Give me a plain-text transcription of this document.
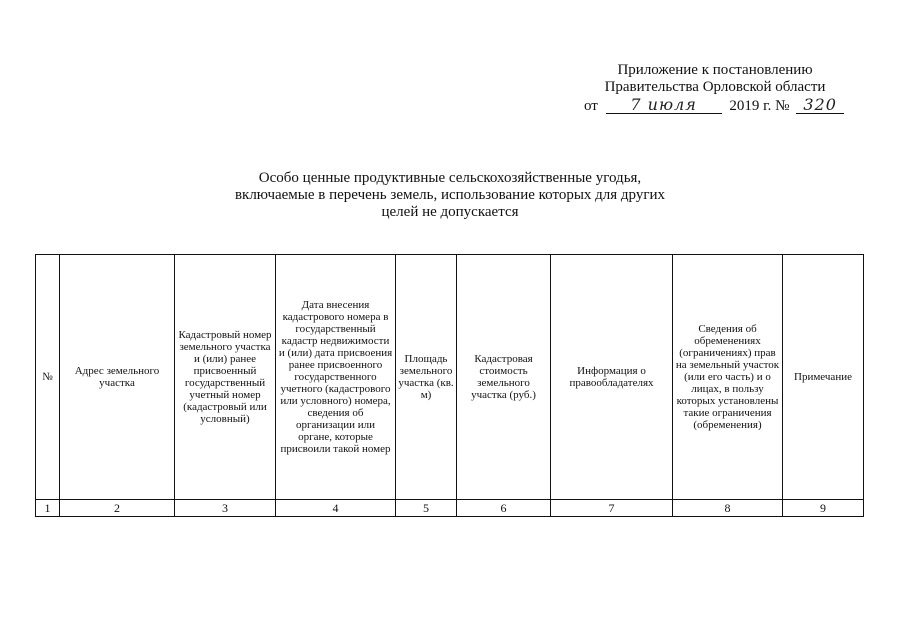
Приложение к постановлению
Правительства Орловской области
от 7 июля 2019 г. № 320
Особо ценные продуктивные сельскохозяйственные угодья,
включаемые в перечень земель, использование которых для других
целей не допускается
№	Адрес земельного участка	Кадастровый номер земельного участка и (или) ранее присвоенный государственный учетный номер (кадастровый или условный)	Дата внесения кадастрового номера в государственный кадастр недвижимости и (или) дата присвоения ранее присвоенного государственного учетного (кадастрового или условного) номера, сведения об организации или органе, которые присвоили такой номер	Площадь земельного участка (кв. м)	Кадастровая стоимость земельного участка (руб.)	Информация о правообладателях	Сведения об обременениях (ограничениях) прав на земельный участок (или его часть) и о лицах, в пользу которых установлены такие ограничения (обременения)	Примечание
1	2	3	4	5	6	7	8	9
